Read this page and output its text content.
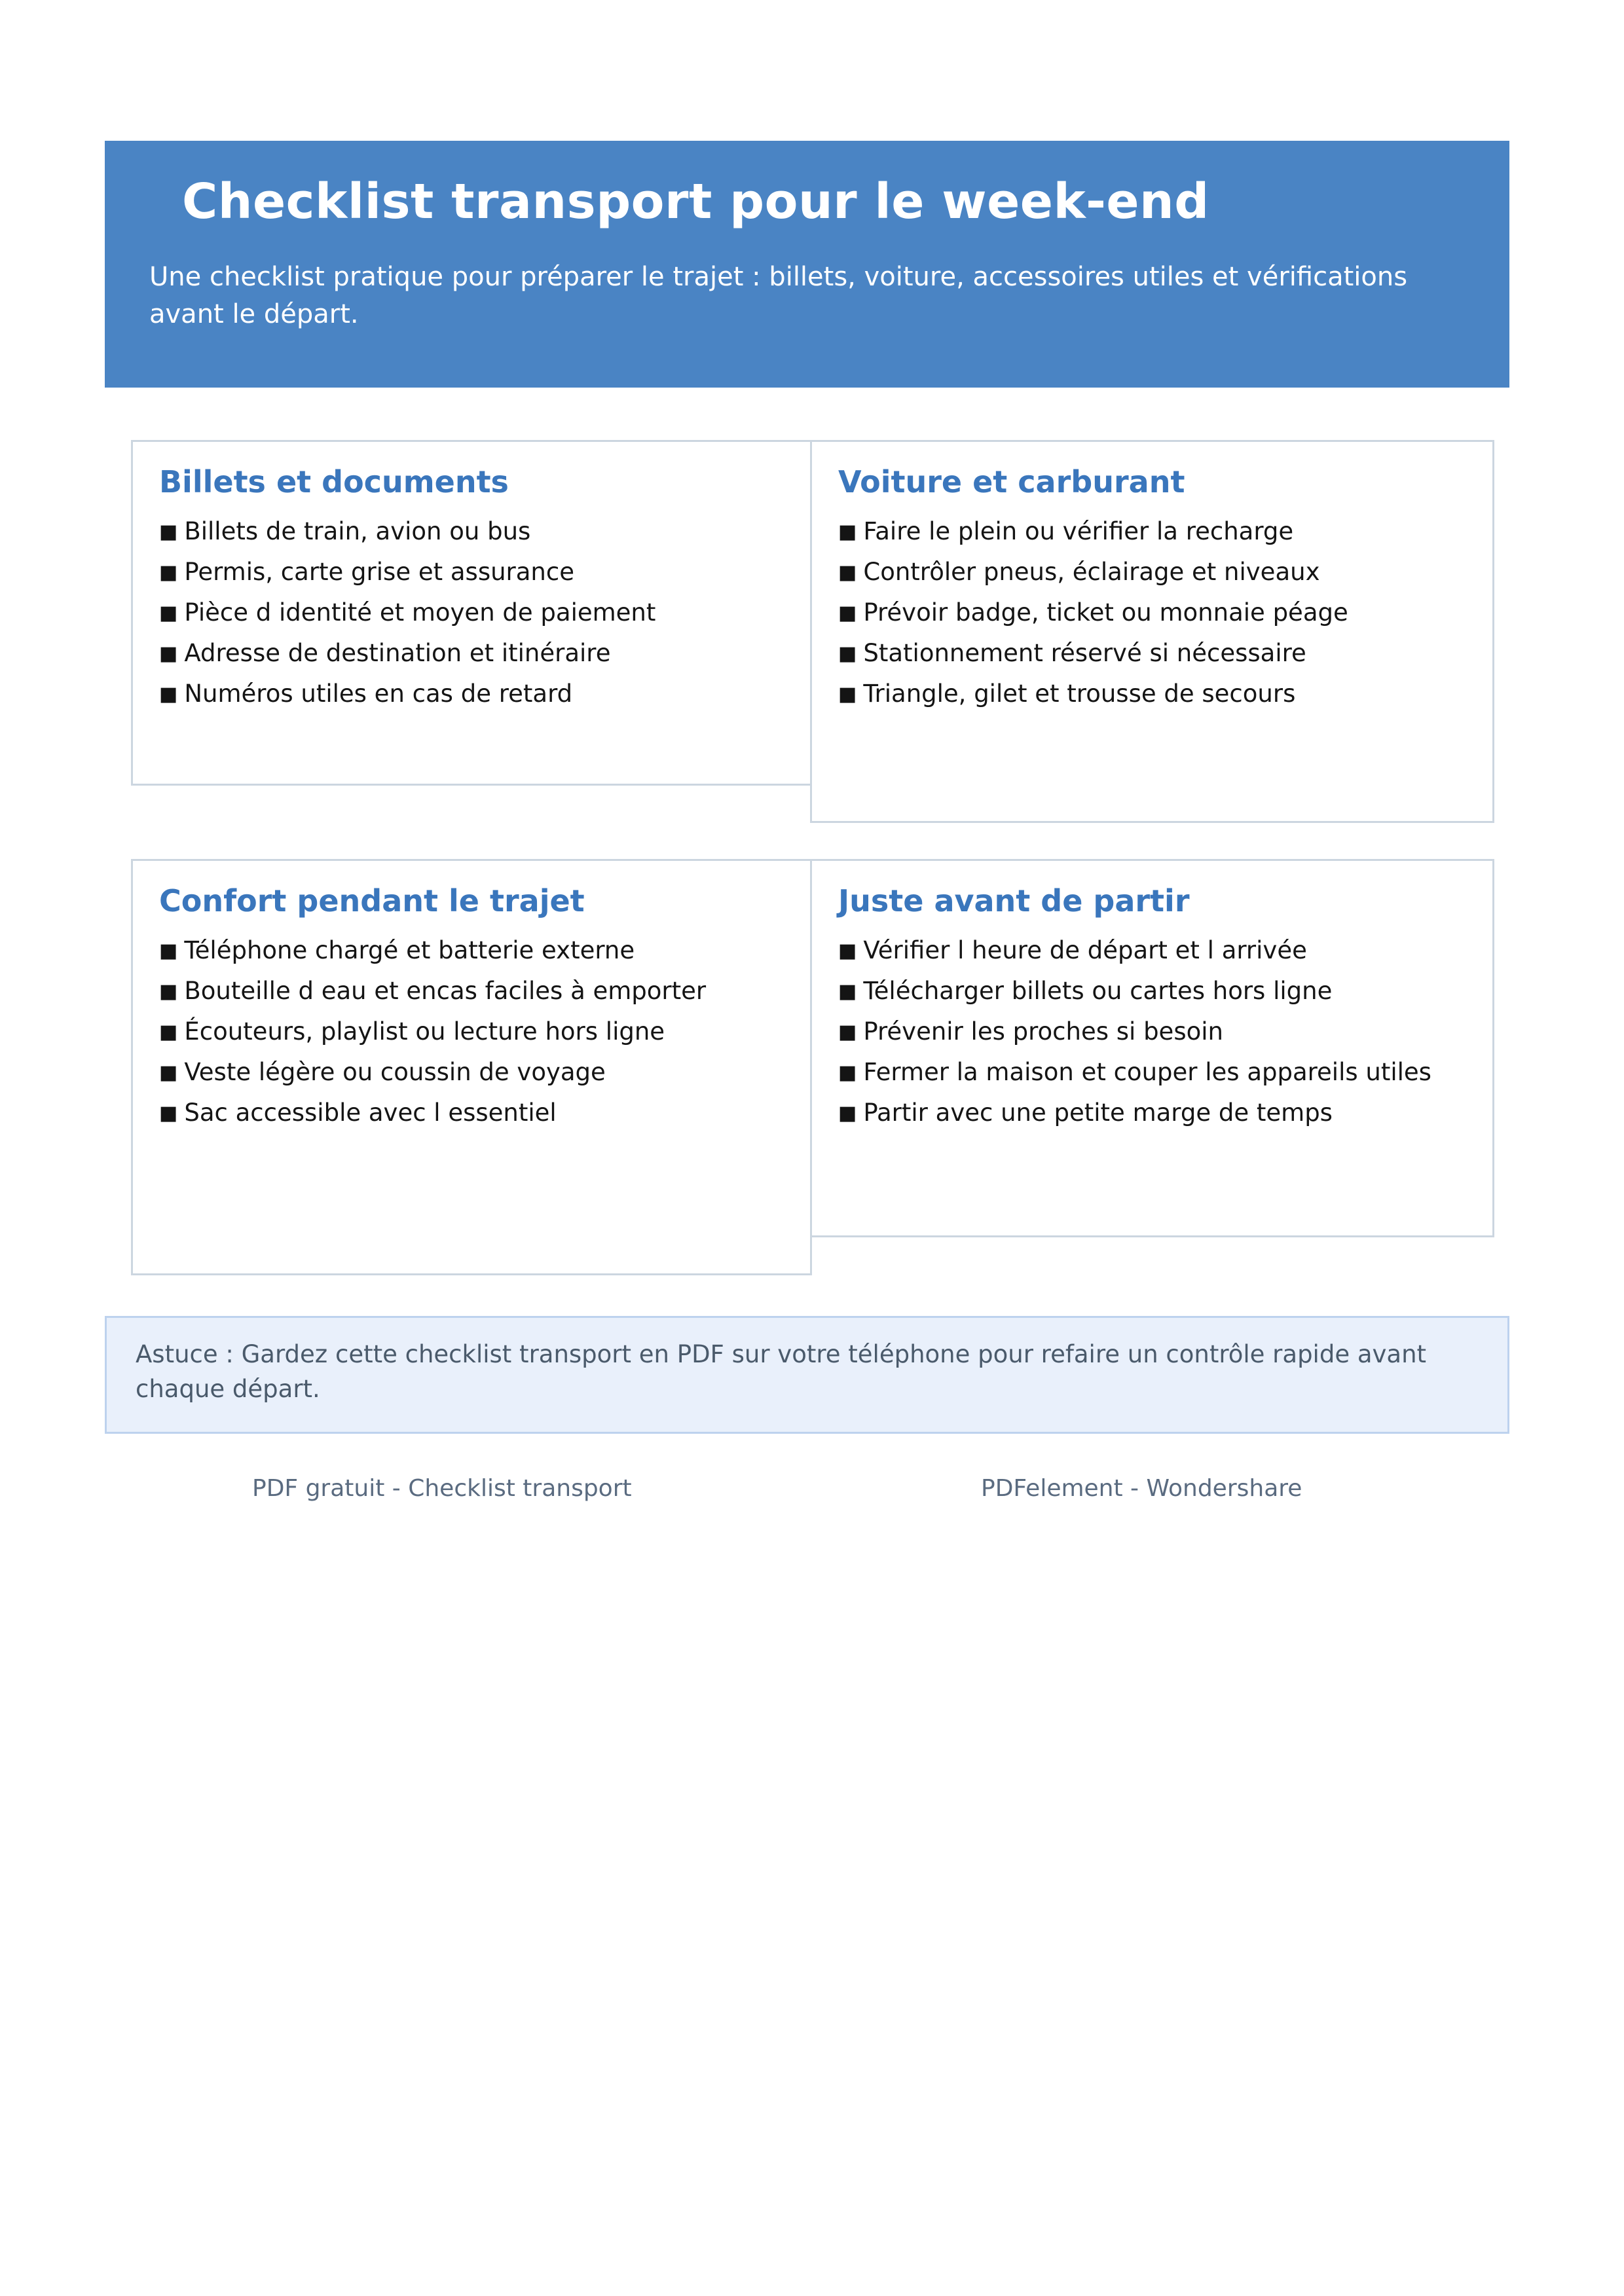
Checklist transport pour le week-end
Une checklist pratique pour préparer le trajet : billets, voiture, accessoires utiles et vérifications avant le départ.
Billets et documents
■ Billets de train, avion ou bus
■ Permis, carte grise et assurance
■ Pièce d identité et moyen de paiement
■ Adresse de destination et itinéraire
■ Numéros utiles en cas de retard
Voiture et carburant
■ Faire le plein ou vérifier la recharge
■ Contrôler pneus, éclairage et niveaux
■ Prévoir badge, ticket ou monnaie péage
■ Stationnement réservé si nécessaire
■ Triangle, gilet et trousse de secours
Confort pendant le trajet
■ Téléphone chargé et batterie externe
■ Bouteille d eau et encas faciles à emporter
■ Écouteurs, playlist ou lecture hors ligne
■ Veste légère ou coussin de voyage
■ Sac accessible avec l essentiel
Juste avant de partir
■ Vérifier l heure de départ et l arrivée
■ Télécharger billets ou cartes hors ligne
■ Prévenir les proches si besoin
■ Fermer la maison et couper les appareils utiles
■ Partir avec une petite marge de temps

Astuce : Gardez cette checklist transport en PDF sur votre téléphone pour refaire un contrôle rapide avant chaque départ.

PDF gratuit - Checklist transport	PDFelement - Wondershare
